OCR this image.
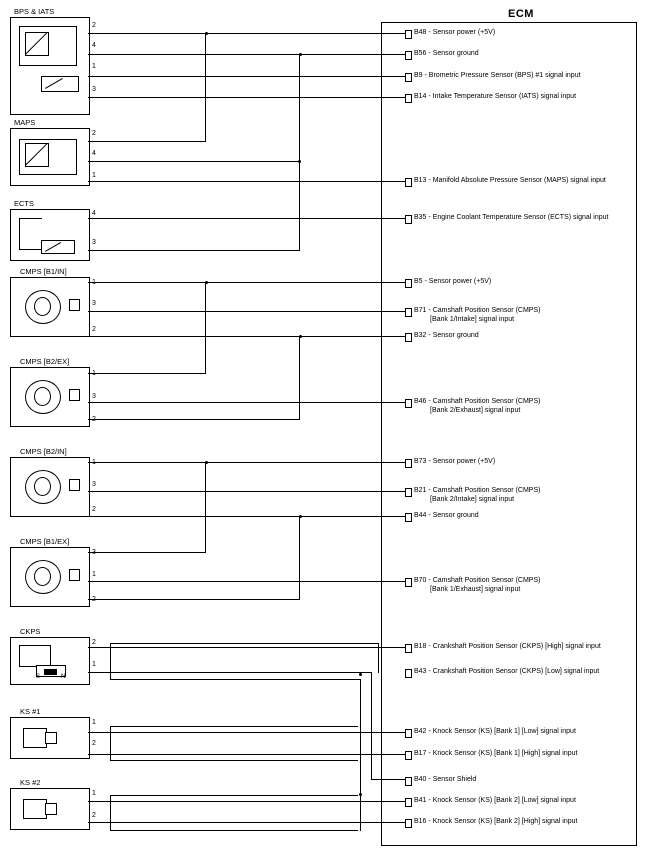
ECM
BPS & IATS
2
4
1
3
MAPS
2
4
1
ECTS
4
3
CMPS [B1/IN]
3
2
CMPS [B2/EX]
3
CMPS [B2/IN]
3
2
CMPS [B1/EX]
1
CKPS
S	N
2
1
KS #1
1
2
KS #2
1
2
B48 - Sensor power (+5V)
B56 - Sensor ground
B9 - Brometric Pressure Sensor (BPS) #1 signal input
B14 - Intake Temperature Sensor (IATS) signal input
B13 - Manifold Absolute Pressure Sensor (MAPS) signal input
B35 - Engine Coolant Temperature Sensor (ECTS) signal input
B5 - Sensor power (+5V)
B71 - Camshaft Position Sensor (CMPS)
[Bank 1/Intake] signal input
B32 - Sensor ground
B46 - Camshaft Position Sensor (CMPS)
[Bank 2/Exhaust] signal input
B73 - Sensor power (+5V)
B21 - Camshaft Position Sensor (CMPS)
[Bank 2/Intake] signal input
B44 - Sensor ground
B70 - Camshaft Position Sensor (CMPS)
[Bank 1/Exhaust] signal input
B18 - Crankshaft Position Sensor (CKPS) [High] signal input
B43 - Crankshaft Position Sensor (CKPS) [Low] signal input
B42 - Knock Sensor (KS) [Bank 1] [Low] signal input
B17 - Knock Sensor (KS) [Bank 1] [High] signal input
B40 - Sensor Shield
B41 - Knock Sensor (KS) [Bank 2] [Low] signal input
B16 - Knock Sensor (KS) [Bank 2] [High] signal input
